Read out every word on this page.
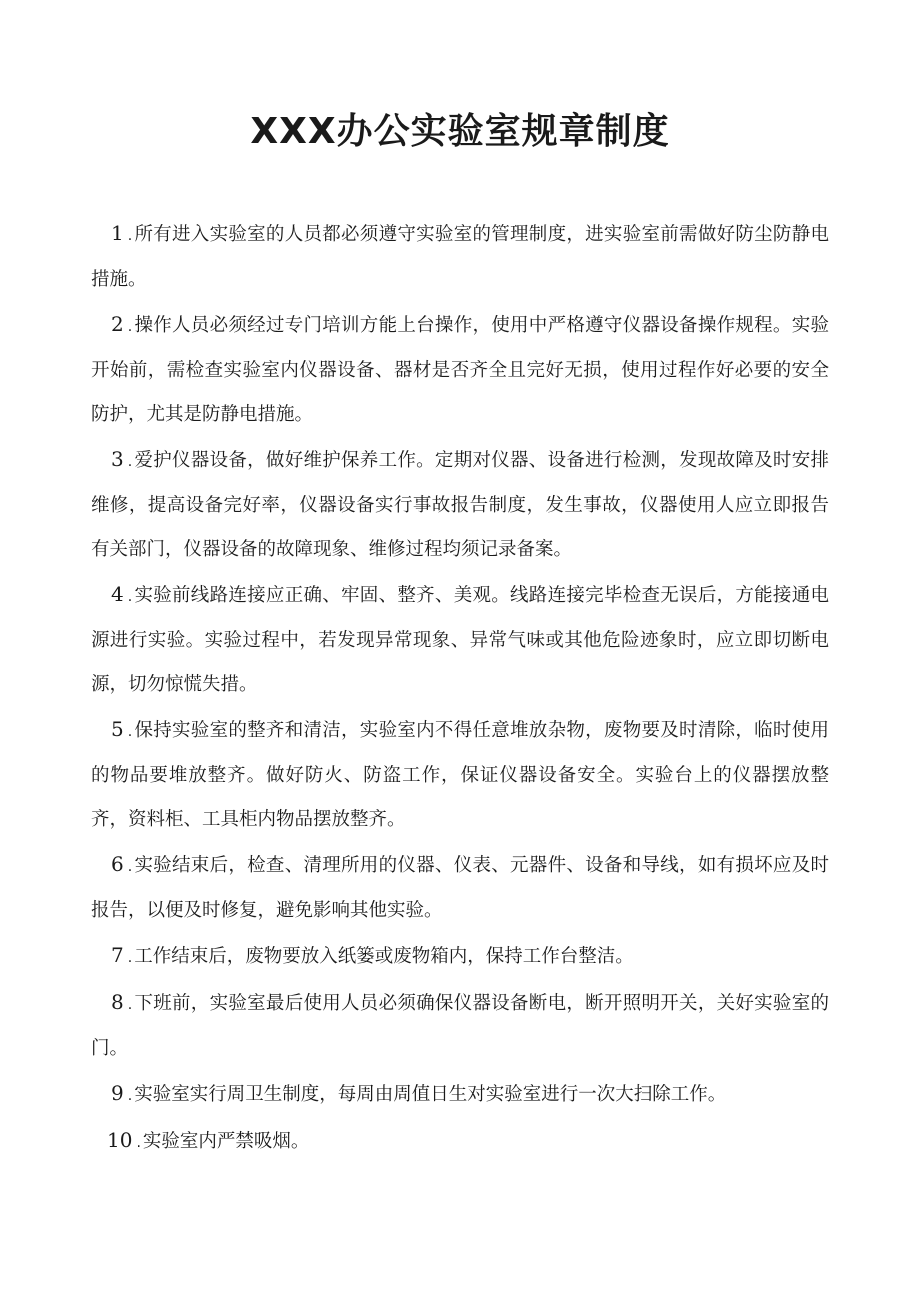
XXX办公实验室规章制度
1 . 所有进入实验室的人员都必须遵守实验室的管理制度，进实验室前需做好防尘防静电措施。
2 . 操作人员必须经过专门培训方能上台操作，使用中严格遵守仪器设备操作规程。实验开始前，需检查实验室内仪器设备、器材是否齐全且完好无损，使用过程作好必要的安全防护，尤其是防静电措施。
3 . 爱护仪器设备，做好维护保养工作。定期对仪器、设备进行检测，发现故障及时安排维修，提高设备完好率，仪器设备实行事故报告制度，发生事故，仪器使用人应立即报告有关部门，仪器设备的故障现象、维修过程均须记录备案。
4 . 实验前线路连接应正确、牢固、整齐、美观。线路连接完毕检查无误后，方能接通电源进行实验。实验过程中，若发现异常现象、异常气味或其他危险迹象时，应立即切断电源，切勿惊慌失措。
5 . 保持实验室的整齐和清洁，实验室内不得任意堆放杂物，废物要及时清除，临时使用的物品要堆放整齐。做好防火、防盗工作，保证仪器设备安全。实验台上的仪器摆放整齐，资料柜、工具柜内物品摆放整齐。
6 . 实验结束后，检查、清理所用的仪器、仪表、元器件、设备和导线，如有损坏应及时报告，以便及时修复，避免影响其他实验。
7 . 工作结束后，废物要放入纸篓或废物箱内，保持工作台整洁。
8 . 下班前，实验室最后使用人员必须确保仪器设备断电，断开照明开关，关好实验室的门。
9 . 实验室实行周卫生制度，每周由周值日生对实验室进行一次大扫除工作。
10 . 实验室内严禁吸烟。
